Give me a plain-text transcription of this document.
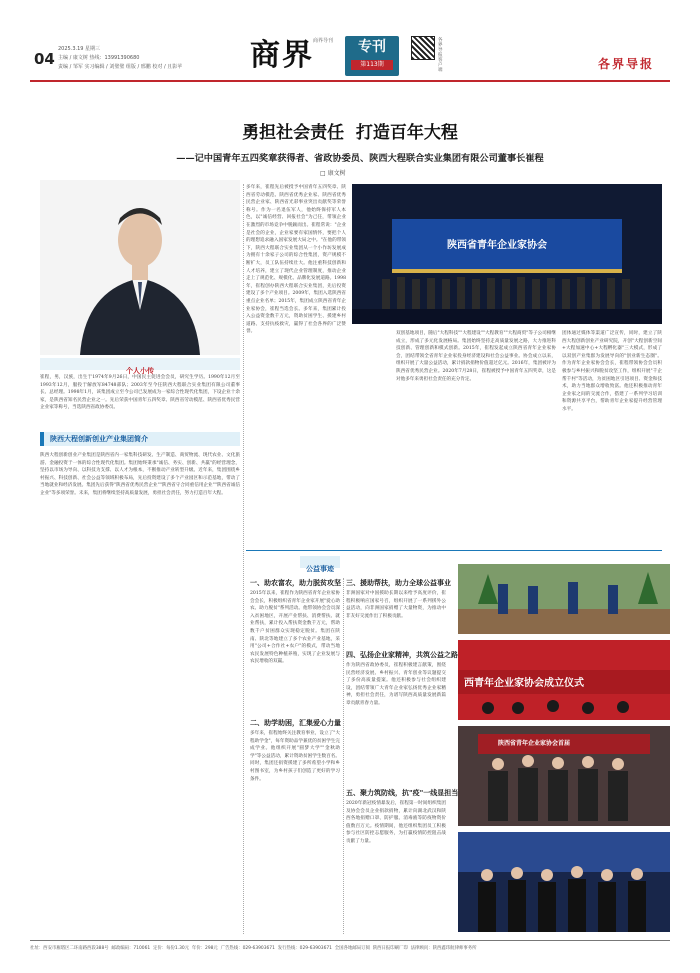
04
2025.3.19 星期三
主编 / 康文树 热线：13991390680
责编 / 邹军 实习编辑 / 刘璧璧 组版 / 邢鹏 校对 / 且影苹 商界 商界导刊	专刊
第113期
各界导报客户端	各界导报
勇担社会责任  打造百年大程
——记中国青年五四奖章获得者、省政协委员、陕西大程联合实业集团有限公司董事长崔程
□ 康文树
个人小传
崔程，男，汉族，出生于1974年9月26日，中国民主促进会会员，研究生学历。1990年12月至1993年12月，服役于解放军84748部队；2003年至今任陕西大程联合实业集团有限公司董事长、总经理。1998年1月，该集团成立至今公司已发展成为一家综合性现代化集团，下设企业十余家，是陕西省知名民营企业之一。先后荣获中国青年五四奖章、陕西省劳动模范、陕西省优秀民营企业家等称号，当选陕西省政协委员。
陕西大程创新创业产业集团简介
陕西大程创新创业产业集团是陕西省内一家集科技研发、生产制造、商贸物流、现代农业、文化旅游、金融投资于一体的综合性现代化集团。集团始终秉承"诚信、务实、创新、共赢"的经营理念，坚持以市场为导向、以科技为支撑、以人才为根本，不断推动产业转型升级。近年来，集团围绕乡村振兴、科技创新、社会公益等领域积极布局，先后投资建设了多个产业园区和示范基地，带动了当地就业和经济发展。集团先后获得"陕西省优秀民营企业""陕西省守合同重信用企业""陕西省诚信企业"等多项荣誉。未来，集团将继续坚持高质量发展，勇担社会责任，努力打造百年大程。
多年来，崔程先后被授予中国青年五四奖章、陕西省劳动模范、陕西省优秀企业家、陕西省优秀民营企业家、陕西省光彩事业突出贡献奖等荣誉称号。作为一名退伍军人，他始终保持军人本色，以"诚信经营、回报社会"为己任，带领企业在激烈的市场竞争中脱颖而出。崔程常说："企业是社会的企业，企业家要有家国情怀，要把个人的理想追求融入国家发展大局之中。"在他的带领下，陕西大程联合实业集团从一个小作坊发展成为拥有十余家子公司的综合性集团，资产规模不断扩大，员工队伍持续壮大。他注重科技创新和人才培养，建立了现代企业管理制度，推动企业走上了规范化、规模化、品牌化发展道路。1998年，崔程创办陕西大程联合实业集团，先后投资建设了多个产业项目。2009年，集团入选陕西省重点企业名单；2015年，集团成立陕西省青年企业家协会，崔程当选会长。多年来，集团累计投入公益资金数千万元，资助贫困学生、援建乡村道路、支持抗疫救灾，赢得了社会各界的广泛赞誉。
陕西省青年企业家协会
双创基地项目，随后"大程科技""大程建设""大程教育""大程商贸"等子公司相继成立，形成了多元化发展格局。集团始终坚持走高质量发展之路，大力推进科技创新、管理创新和模式创新。2015年，崔程发起成立陕西省青年企业家协会，团结带领全省青年企业家投身经济建设和社会公益事业。协会成立以来，组织开展了大量公益活动，累计捐款捐物价值超过亿元。2016年，集团被评为陕西省优秀民营企业。2020年7月28日，崔程被授予中国青年五四奖章，这是对他多年来勇担社会责任的充分肯定。
团体通过媒体等渠道广泛宣传，同时，建立了陕西大程创新创业产业研究院，开创"大程创新空间+大程加速中心+大程孵化器"三大模式，形成了以双创产业集群为发展导向的"创业新生态圈"。作为青年企业家协会会长，崔程带领协会会员积极参与乡村振兴和脱贫攻坚工作，组织开展"千企帮千村"等活动，为贫困地区引进项目、资金和技术，助力当地群众增收致富。他还积极推动青年企业家之间的交流合作，搭建了一系列学习培训和资源共享平台，帮助青年企业家提升经营管理水平。
公益事迹
一、助农富农，助力脱贫攻坚
2015年以来，崔程作为陕西省青年企业家协会会长，积极组织省青年企业家开展"爱心助农、助力脱贫"系列活动。他带领协会会员深入贫困地区，开展产业帮扶、消费帮扶、就业帮扶，累计投入帮扶资金数千万元，帮助数千户贫困群众实现稳定脱贫。集团在陕南、陕北等地建立了多个农业产业基地，采用"公司+合作社+农户"的模式，带动当地农民发展特色种植养殖，实现了企业发展与农民增收的双赢。
二、助学助困，汇集爱心力量
多年来，崔程始终关注教育事业，设立了"大程助学金"，每年资助品学兼优的贫困学生完成学业。他组织开展"圆梦大学""金秋助学"等公益活动，累计资助贫困学生数百名。同时，集团还捐资援建了多所希望小学和乡村图书室，为乡村孩子们创造了更好的学习条件。
三、援助帮扶，助力全球公益事业
非洲国家对中国援助长期以来给予高度评价，崔程积极响应国家号召，组织开展了一系列援外公益活动，向非洲国家捐赠了大量物资，为推动中非友好交流作出了积极贡献。
四、弘扬企业家精神，共筑公益之路
作为陕西省政协委员，崔程积极建言献策，围绕民营经济发展、乡村振兴、青年创业等议题提交了多份高质量提案。他还积极参与社会组织建设，团结带领广大青年企业家弘扬优秀企业家精神，勇担社会责任，为谱写陕西高质量发展新篇章贡献青春力量。
五、聚力筑防线，抗"疫"一线显担当
2020年新冠疫情暴发后，崔程第一时间组织集团及协会会员企业捐款捐物，累计向湖北武汉和陕西各地捐赠口罩、防护服、消毒液等防疫物资价值数百万元。疫情期间，他还组织集团员工积极参与社区防控志愿服务，为打赢疫情防控阻击战贡献了力量。
西青年企业家协会成立仪式
陕西省青年企业家协会首届
社址：西安市雁塔区二环南路西段388号 邮政编码：710061 定价：每份1.30元 年价：298元 广告热线：029-63903671 发行热线：029-63903671 全国各地邮局订阅 陕西日报印刷厂印 法律顾问：陕西鑫玮航律师事务所
